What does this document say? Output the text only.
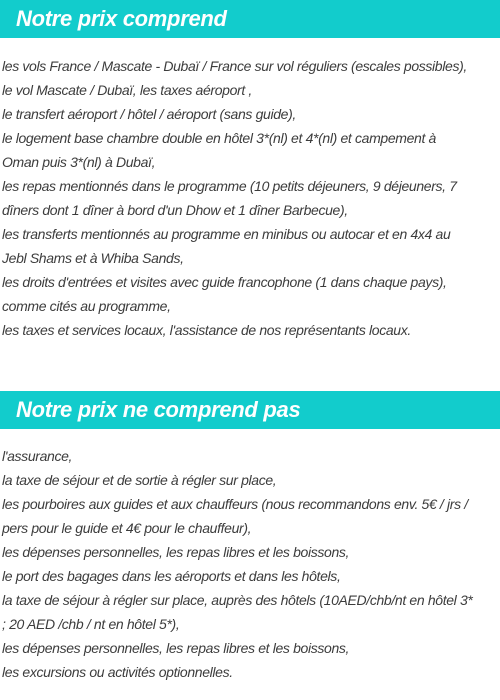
Notre prix comprend

les vols France / Mascate - Dubaï / France sur vol réguliers (escales possibles),

le vol Mascate / Dubaï, les taxes aéroport ,

le transfert aéroport / hôtel / aéroport (sans guide),

le logement base chambre double en hôtel 3*(nl) et 4*(nl) et campement à

Oman puis 3*(nl) à Dubaï,

les repas mentionnés dans le programme (10 petits déjeuners, 9 déjeuners, 7

dîners dont 1 dîner à bord d'un Dhow et 1 dîner Barbecue),

les transferts mentionnés au programme en minibus ou autocar et en 4x4 au

Jebl Shams et à Whiba Sands,

les droits d'entrées et visites avec guide francophone (1 dans chaque pays),

comme cités au programme,

les taxes et services locaux, l'assistance de nos représentants locaux.

Notre prix ne comprend pas

l'assurance,

la taxe de séjour et de sortie à régler sur place,

les pourboires aux guides et aux chauffeurs (nous recommandons env. 5€ / jrs /

pers pour le guide et 4€ pour le chauffeur),

les dépenses personnelles, les repas libres et les boissons,

le port des bagages dans les aéroports et dans les hôtels,

la taxe de séjour à régler sur place, auprès des hôtels (10AED/chb/nt en hôtel 3*

; 20 AED /chb / nt en hôtel 5*),

les dépenses personnelles, les repas libres et les boissons,

les excursions ou activités optionnelles.
